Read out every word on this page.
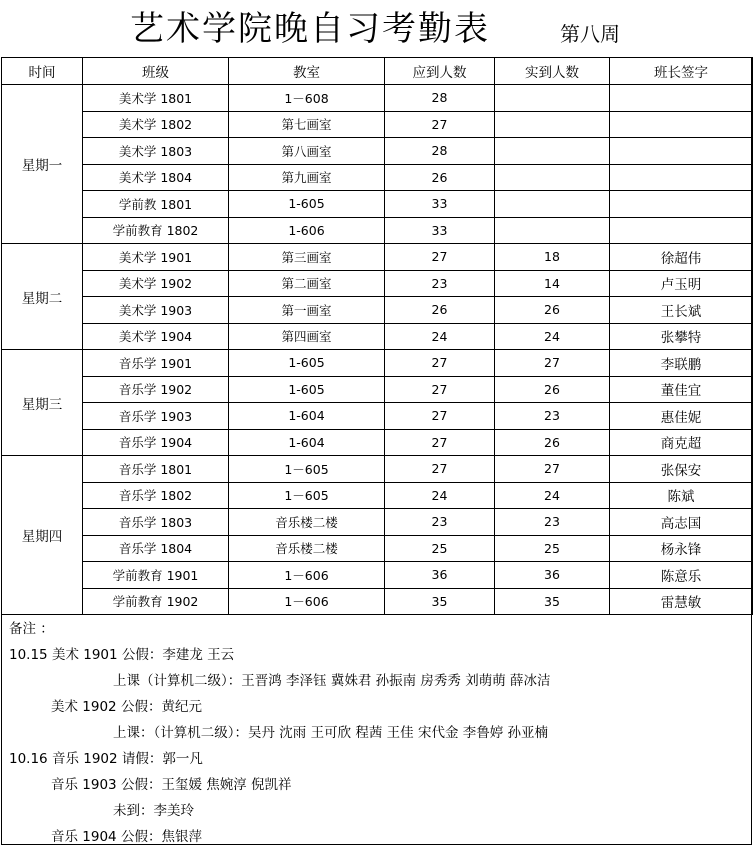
艺术学院晚自习考勤表	第八周
时间	班级	教室	应到人数	实到人数	班长签字
星期一	美术学 1801	1－608	28		
	美术学 1802	第七画室	27		
	美术学 1803	第八画室	28		
	美术学 1804	第九画室	26		
	学前教 1801	1-605	33		
	学前教育 1802	1-606	33		
星期二	美术学 1901	第三画室	27	18	徐超伟
	美术学 1902	第二画室	23	14	卢玉明
	美术学 1903	第一画室	26	26	王长斌
	美术学 1904	第四画室	24	24	张攀特
星期三	音乐学 1901	1-605	27	27	李联鹏
	音乐学 1902	1-605	27	26	董佳宜
	音乐学 1903	1-604	27	23	惠佳妮
	音乐学 1904	1-604	27	26	商克超
星期四	音乐学 1801	1－605	27	27	张保安
	音乐学 1802	1－605	24	24	陈斌
	音乐学 1803	音乐楼二楼	23	23	高志国
	音乐学 1804	音乐楼二楼	25	25	杨永锋
	学前教育 1901	1－606	36	36	陈意乐
	学前教育 1902	1－606	35	35	雷慧敏
备注 ：
10.15 美术 1901 公假：李建龙 王云
上课（计算机二级）：王晋鸿 李泽钰 冀姝君 孙振南 房秀秀 刘萌萌 薛冰洁
美术 1902 公假：黄纪元
上课：（计算机二级）：吴丹 沈雨 王可欣 程茜 王佳 宋代金 李鲁婷 孙亚楠
10.16 音乐 1902 请假：郭一凡
音乐 1903 公假：王玺媛 焦婉淳 倪凯祥
未到：李美玲
音乐 1904 公假：焦银萍
